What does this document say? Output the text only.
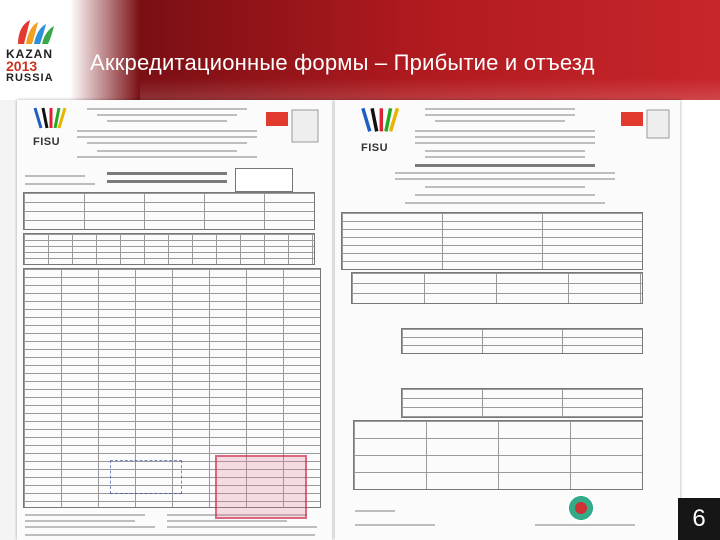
KAZAN
2013
RUSSIA
Аккредитационные формы – Прибытие и отъезд
FISU	FISU
6
